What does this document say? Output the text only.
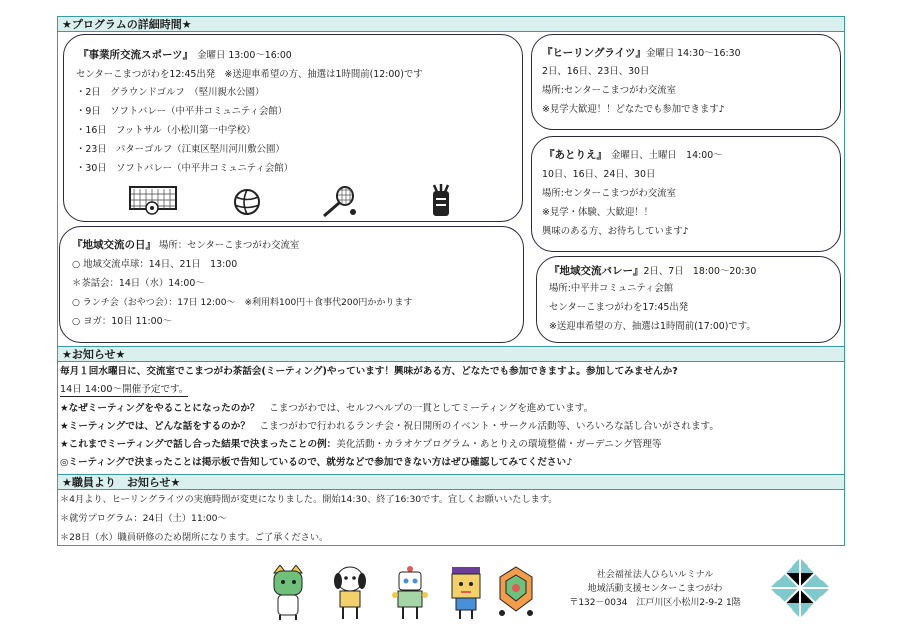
★プログラムの詳細時間★
『事業所交流スポーツ』　 金曜日 13:00～16:00
センターこまつがわを12:45出発　※送迎車希望の方、抽選は1時間前(12:00)です
・2日　グラウンドゴルフ　（堅川親水公園）
・9日　ソフトバレー（中平井コミュニティ会館）
・16日　フットサル（小松川第一中学校）
・23日　パターゴルフ（江東区堅川河川敷公園）
・30日　ソフトバレー（中平井コミュニティ会館）
『ヒーリングライツ』金曜日 14:30～16:30
2日、16日、23日、30日
場所:センターこまつがわ交流室
※見学大歓迎！！どなたでも参加できます♪
『あとりえ』　 金曜日、土曜日　14:00～
10日、16日、24日、30日
場所:センターこまつがわ交流室
※見学・体験、大歓迎！！
興味のある方、お待ちしています♪
『地域交流の日』 場所：センターこまつがわ交流室
○ 地域交流卓球：14日、21日　13:00
＊茶話会：14日（水）14:00～
○ ランチ会（おやつ会）：17日 12:00～　※利用料100円＋食事代200円かかります
○ ヨガ：10日 11:00～
『地域交流バレー』2日、7日　18:00～20:30
場所:中平井コミュニティ会館
センターこまつがわを17:45出発
※送迎車希望の方、抽選は1時間前(17:00)です。
★お知らせ★
毎月１回水曜日に、交流室でこまつがわ茶話会(ミーティング)やっています！興味がある方、どなたでも参加できますよ。参加してみませんか?
14日 14:00～開催予定です。
★なぜミーティングをやることになったのか？　 こまつがわでは、セルフヘルプの一貫としてミーティングを進めています。
★ミーティングでは、どんな話をするのか？　 こまつがわで行われるランチ会・祝日開所のイベント・サークル活動等、いろいろな話し合いがされます。
★これまでミーティングで話し合った結果で決まったことの例：美化活動・カラオケプログラム・あとりえの環境整備・ガーデニング管理等
◎ミーティングで決まったことは掲示板で告知しているので、就労などで参加できない方はぜひ確認してみてください♪
★職員より　お知らせ★
＊4月より、ヒーリングライツの実施時間が変更になりました。開始14:30、終了16:30です。宜しくお願いいたします。
＊就労プログラム：24日（土）11:00～
＊28日（水）職員研修のため閉所になります。ご了承ください。
社会福祉法人ひらいルミナル
地域活動支援センターこまつがわ
〒132－0034　江戸川区小松川2-9-2 1階
